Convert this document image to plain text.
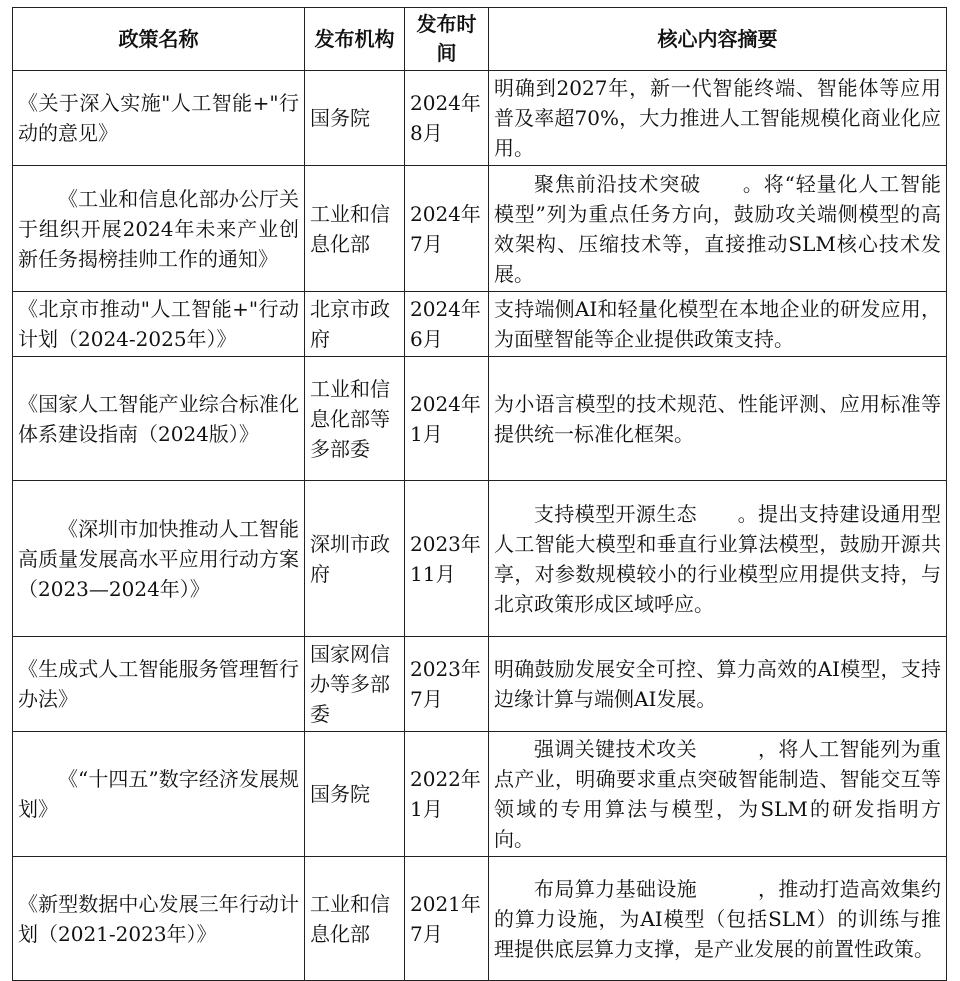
政策名称	发布机构	发布时间	核心内容摘要
《关于深入实施"人工智能+"行动的意见》	国务院	2024年8月	明确到2027年，新一代智能终端、智能体等应用普及率超70%，大力推进人工智能规模化商业化应用。
《工业和信息化部办公厅关于组织开展2024年未来产业创新任务揭榜挂帅工作的通知》	工业和信息化部	2024年7月	聚焦前沿技术突破　　。将“轻量化人工智能模型”列为重点任务方向，鼓励攻关端侧模型的高效架构、压缩技术等，直接推动SLM核心技术发展。
《北京市推动"人工智能+"行动计划（2024-2025年）》	北京市政府	2024年6月	支持端侧AI和轻量化模型在本地企业的研发应用，为面壁智能等企业提供政策支持。
《国家人工智能产业综合标准化体系建设指南（2024版）》	工业和信息化部等多部委	2024年1月	为小语言模型的技术规范、性能评测、应用标准等提供统一标准化框架。
《深圳市加快推动人工智能高质量发展高水平应用行动方案（2023—2024年）》	深圳市政府	2023年11月	支持模型开源生态　　。提出支持建设通用型人工智能大模型和垂直行业算法模型，鼓励开源共享，对参数规模较小的行业模型应用提供支持，与北京政策形成区域呼应。
《生成式人工智能服务管理暂行办法》	国家网信办等多部委	2023年7月	明确鼓励发展安全可控、算力高效的AI模型，支持边缘计算与端侧AI发展。
《“十四五”数字经济发展规划》	国务院	2022年1月	强调关键技术攻关　　　，将人工智能列为重点产业，明确要求重点突破智能制造、智能交互等领域的专用算法与模型，为SLM的研发指明方向。
《新型数据中心发展三年行动计划（2021-2023年）》	工业和信息化部	2021年7月	布局算力基础设施　　　，推动打造高效集约的算力设施，为AI模型（包括SLM）的训练与推理提供底层算力支撑，是产业发展的前置性政策。
